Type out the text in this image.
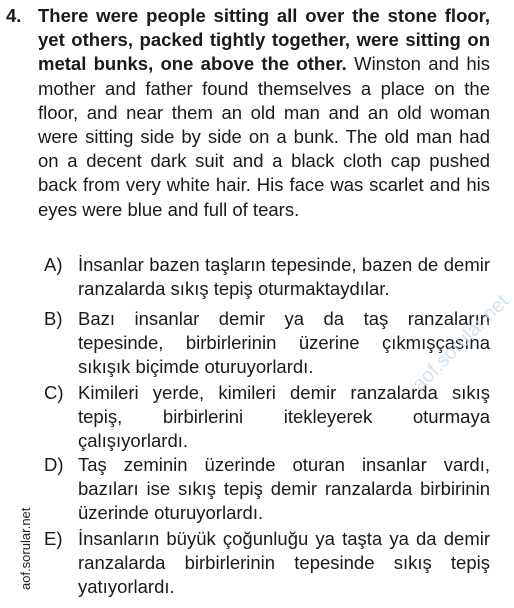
4. There were people sitting all over the stone floor, yet others, packed tightly together, were sitting on metal bunks, one above the other. Winston and his mother and father found themselves a place on the floor, and near them an old man and an old woman were sitting side by side on a bunk. The old man had on a decent dark suit and a black cloth cap pushed back from very white hair. His face was scarlet and his eyes were blue and full of tears.

A) İnsanlar bazen taşların tepesinde, bazen de demir ranzalarda sıkış tepiş oturmaktaydılar.

B) Bazı insanlar demir ya da taş ranzaların tepesinde, birbirlerinin üzerine çıkmışçasına sıkışık biçimde oturuyorlardı.

C) Kimileri yerde, kimileri demir ranzalarda sıkış tepiş, birbirlerini itekleyerek oturmaya çalışıyorlardı.

D) Taş zeminin üzerinde oturan insanlar vardı, bazıları ise sıkış tepiş demir ranzalarda birbirinin üzerinde oturuyorlardı.

E) İnsanların büyük çoğunluğu ya taşta ya da demir ranzalarda birbirlerinin tepesinde sıkış tepiş yatıyorlardı.

aof.sorular.net
aof.sorular.net
